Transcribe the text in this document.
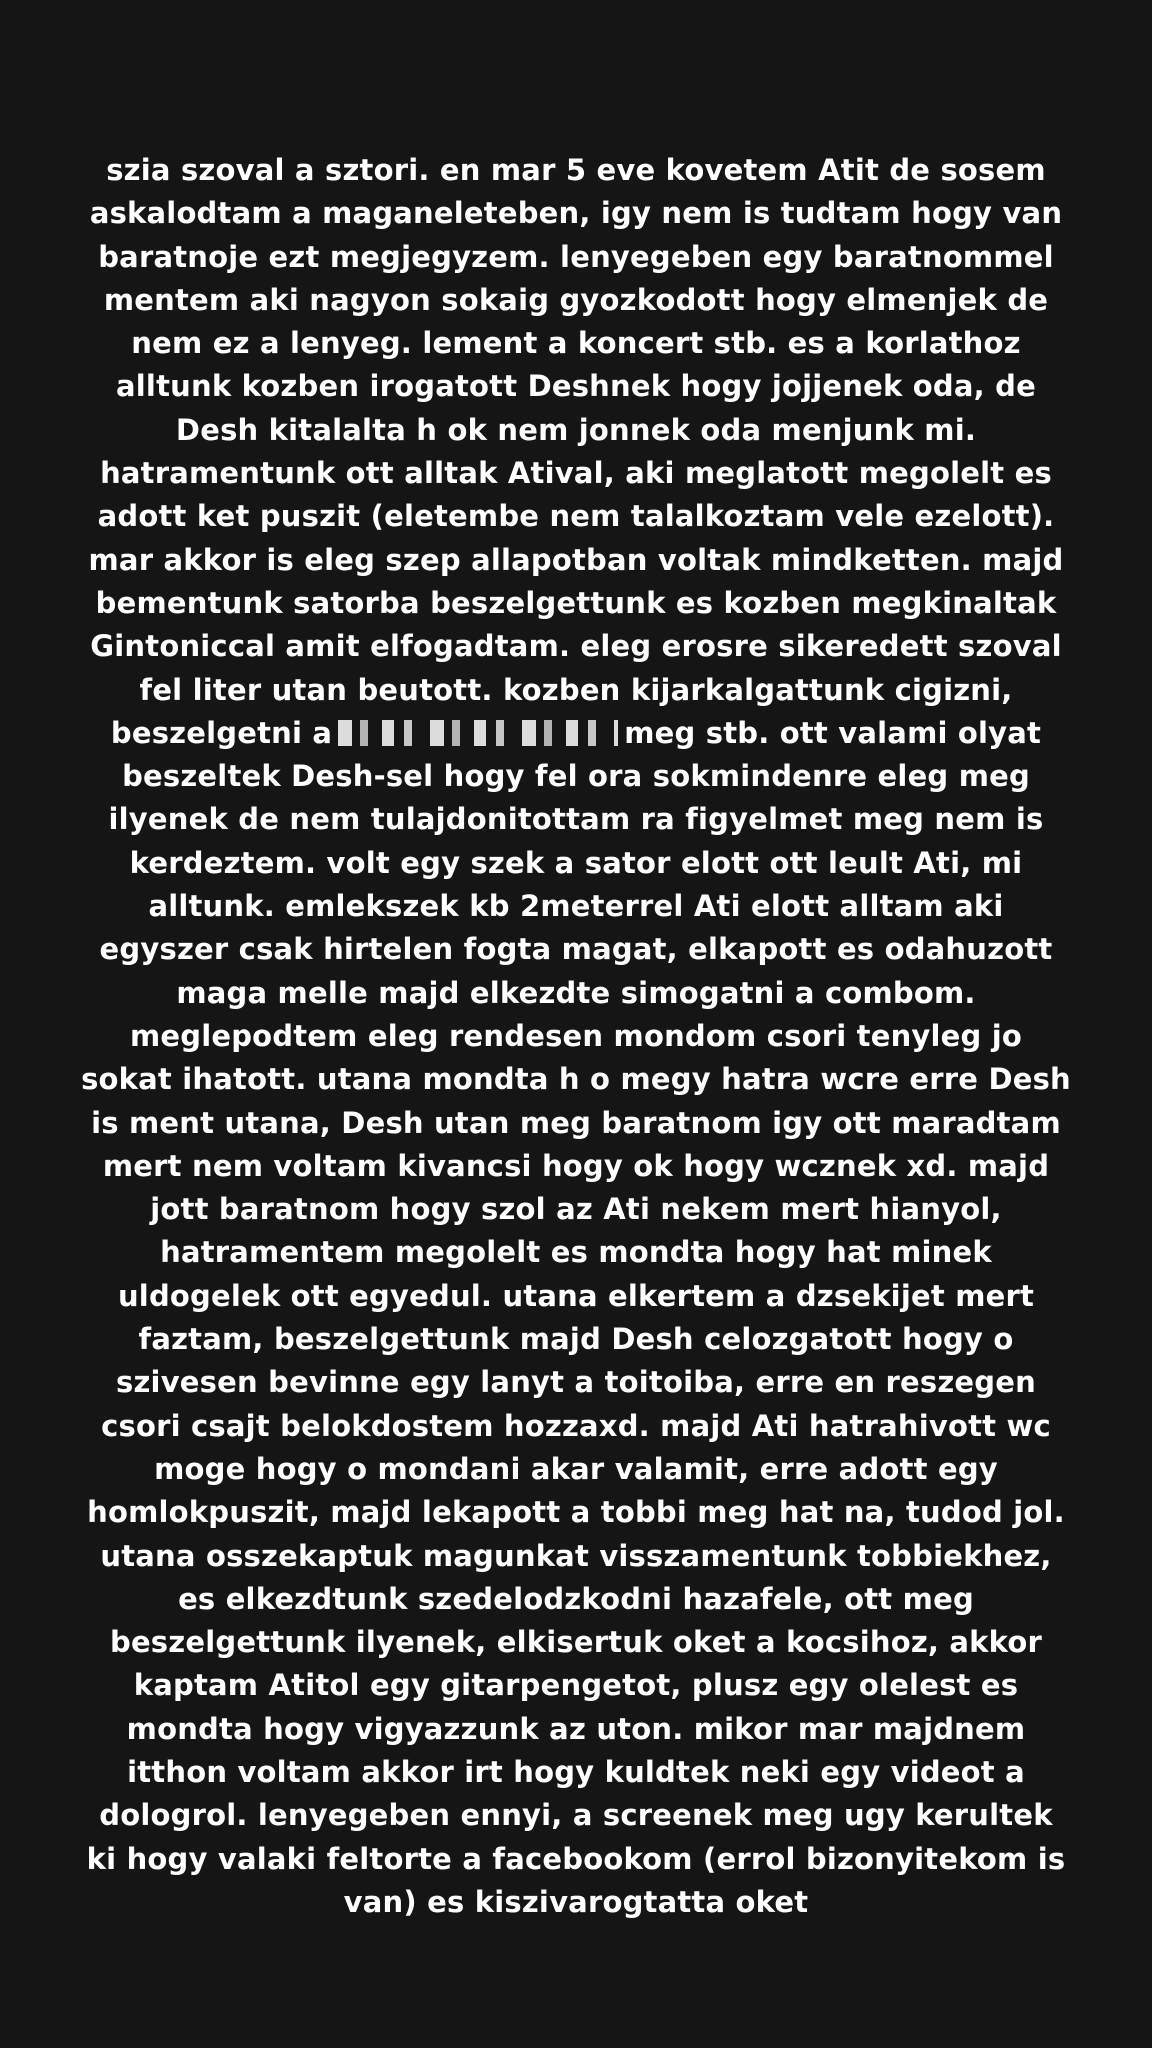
szia szoval a sztori. en mar 5 eve kovetem Atit de sosem
askalodtam a maganeleteben, igy nem is tudtam hogy van
baratnoje ezt megjegyzem. lenyegeben egy baratnommel
mentem aki nagyon sokaig gyozkodott hogy elmenjek de
nem ez a lenyeg. lement a koncert stb. es a korlathoz
alltunk kozben irogatott Deshnek hogy jojjenek oda, de
Desh kitalalta h ok nem jonnek oda menjunk mi.
hatramentunk ott alltak Atival, aki meglatott megolelt es
adott ket puszit (eletembe nem talalkoztam vele ezelott).
mar akkor is eleg szep allapotban voltak mindketten. majd
bementunk satorba beszelgettunk es kozben megkinaltak
Gintoniccal amit elfogadtam. eleg erosre sikeredett szoval
fel liter utan beutott. kozben kijarkalgattunk cigizni,
beszelgetni a	meg stb. ott valami olyat
beszeltek Desh-sel hogy fel ora sokmindenre eleg meg
ilyenek de nem tulajdonitottam ra figyelmet meg nem is
kerdeztem. volt egy szek a sator elott ott leult Ati, mi
alltunk. emlekszek kb 2meterrel Ati elott alltam aki
egyszer csak hirtelen fogta magat, elkapott es odahuzott
maga melle majd elkezdte simogatni a combom.
meglepodtem eleg rendesen mondom csori tenyleg jo
sokat ihatott. utana mondta h o megy hatra wcre erre Desh
is ment utana, Desh utan meg baratnom igy ott maradtam
mert nem voltam kivancsi hogy ok hogy wcznek xd. majd
jott baratnom hogy szol az Ati nekem mert hianyol,
hatramentem megolelt es mondta hogy hat minek
uldogelek ott egyedul. utana elkertem a dzsekijet mert
faztam, beszelgettunk majd Desh celozgatott hogy o
szivesen bevinne egy lanyt a toitoiba, erre en reszegen
csori csajt belokdostem hozzaxd. majd Ati hatrahivott wc
moge hogy o mondani akar valamit, erre adott egy
homlokpuszit, majd lekapott a tobbi meg hat na, tudod jol.
utana osszekaptuk magunkat visszamentunk tobbiekhez,
es elkezdtunk szedelodzkodni hazafele, ott meg
beszelgettunk ilyenek, elkisertuk oket a kocsihoz, akkor
kaptam Atitol egy gitarpengetot, plusz egy olelest es
mondta hogy vigyazzunk az uton. mikor mar majdnem
itthon voltam akkor irt hogy kuldtek neki egy videot a
dologrol. lenyegeben ennyi, a screenek meg ugy kerultek
ki hogy valaki feltorte a facebookom (errol bizonyitekom is
van) es kiszivarogtatta oket
